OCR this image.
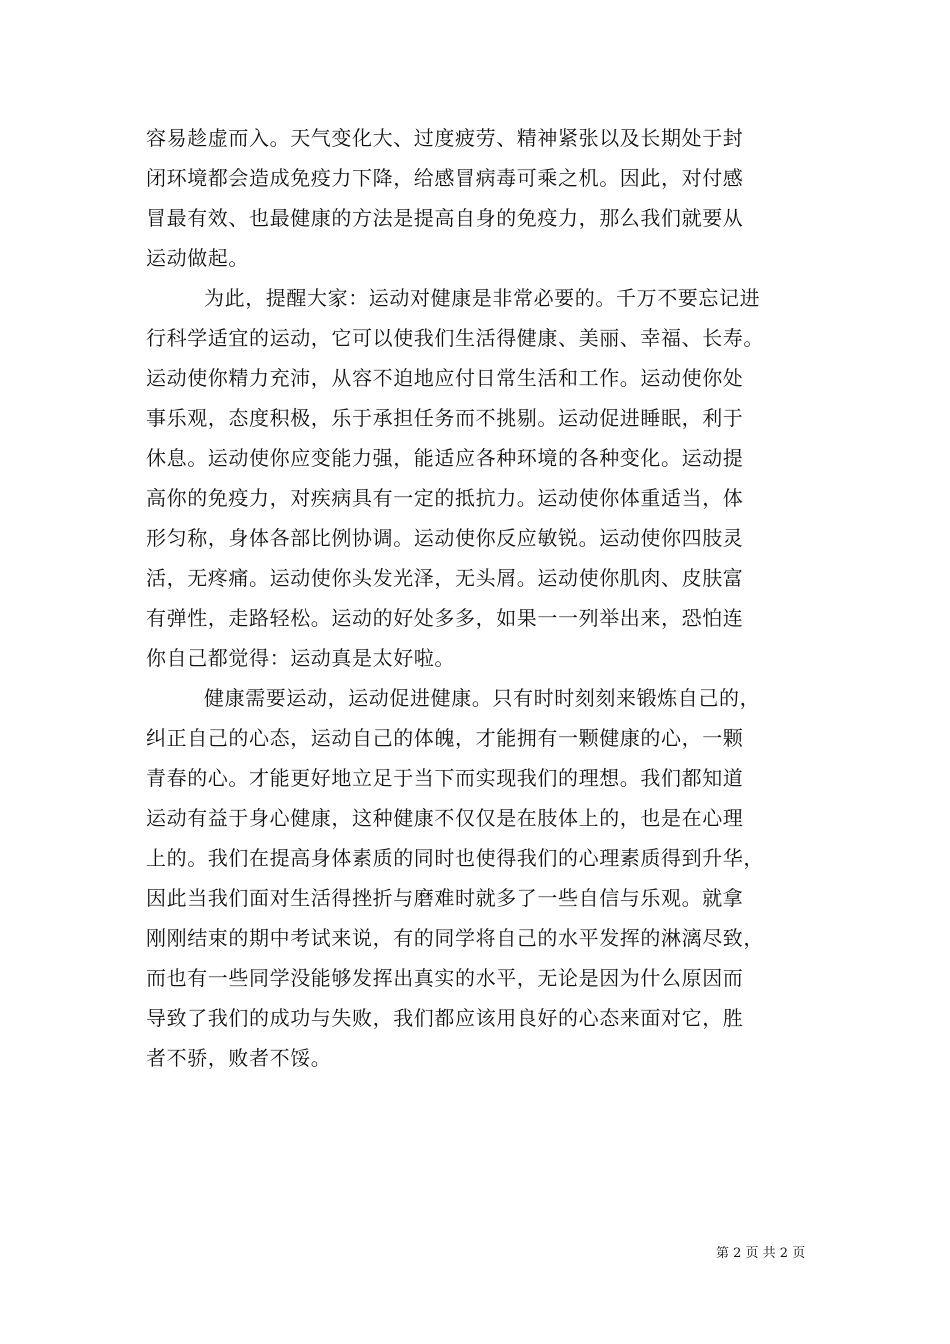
容易趁虚而入。天气变化大、过度疲劳、精神紧张以及长期处于封
闭环境都会造成免疫力下降，给感冒病毒可乘之机。因此，对付感
冒最有效、也最健康的方法是提高自身的免疫力，那么我们就要从
运动做起。

为此，提醒大家：运动对健康是非常必要的。千万不要忘记进
行科学适宜的运动，它可以使我们生活得健康、美丽、幸福、长寿。
运动使你精力充沛，从容不迫地应付日常生活和工作。运动使你处
事乐观，态度积极，乐于承担任务而不挑剔。运动促进睡眠，利于
休息。运动使你应变能力强，能适应各种环境的各种变化。运动提
高你的免疫力，对疾病具有一定的抵抗力。运动使你体重适当，体
形匀称，身体各部比例协调。运动使你反应敏锐。运动使你四肢灵
活，无疼痛。运动使你头发光泽，无头屑。运动使你肌肉、皮肤富
有弹性，走路轻松。运动的好处多多，如果一一列举出来，恐怕连
你自己都觉得：运动真是太好啦。

健康需要运动，运动促进健康。只有时时刻刻来锻炼自己的，
纠正自己的心态，运动自己的体魄，才能拥有一颗健康的心，一颗
青春的心。才能更好地立足于当下而实现我们的理想。我们都知道
运动有益于身心健康，这种健康不仅仅是在肢体上的，也是在心理
上的。我们在提高身体素质的同时也使得我们的心理素质得到升华，
因此当我们面对生活得挫折与磨难时就多了一些自信与乐观。就拿
刚刚结束的期中考试来说，有的同学将自己的水平发挥的淋漓尽致，
而也有一些同学没能够发挥出真实的水平，无论是因为什么原因而
导致了我们的成功与失败，我们都应该用良好的心态来面对它，胜
者不骄，败者不馁。

第 2 页 共 2 页
